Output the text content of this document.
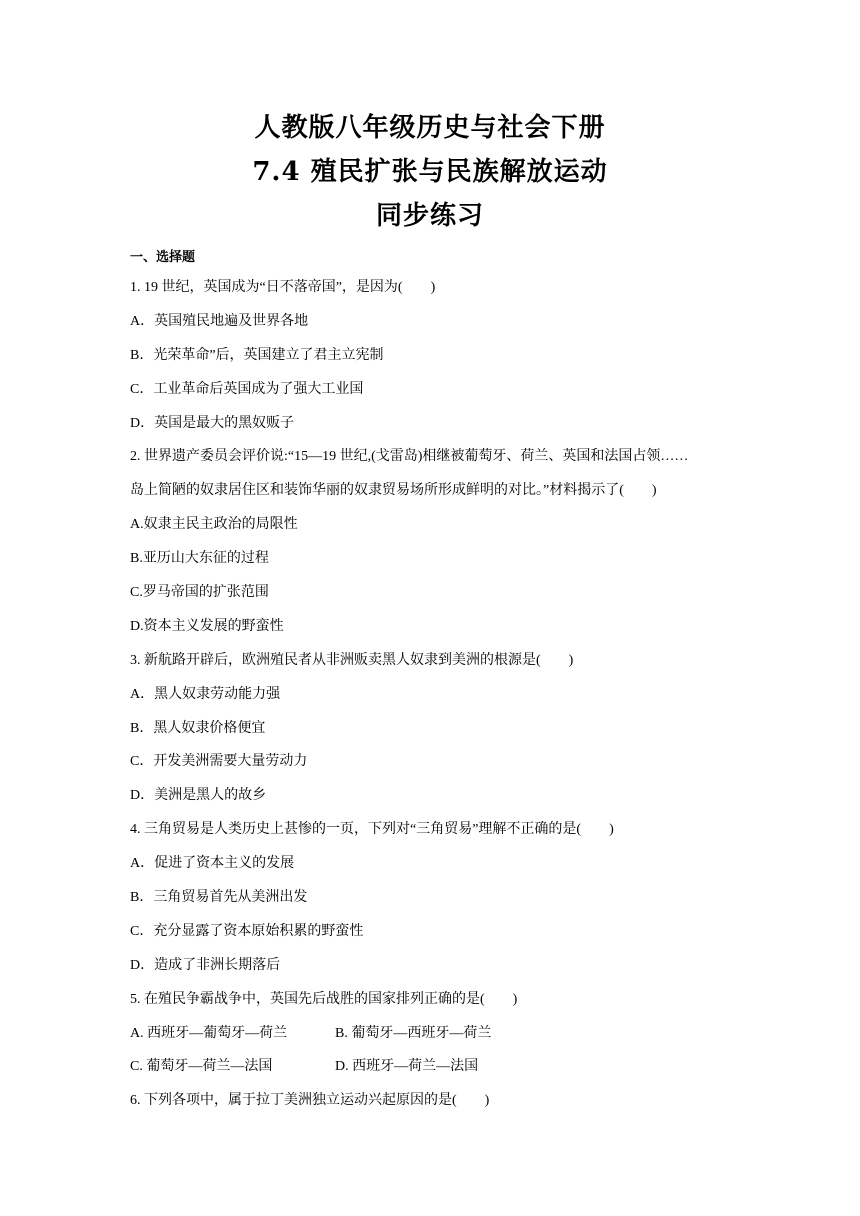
人教版八年级历史与社会下册
7.4 殖民扩张与民族解放运动
同步练习
一、选择题
1. 19 世纪，英国成为“日不落帝国”，是因为(　　)
A．英国殖民地遍及世界各地
B．光荣革命”后，英国建立了君主立宪制
C．工业革命后英国成为了强大工业国
D．英国是最大的黑奴贩子
2. 世界遗产委员会评价说:“15—19 世纪,(戈雷岛)相继被葡萄牙、荷兰、英国和法国占领……
岛上简陋的奴隶居住区和装饰华丽的奴隶贸易场所形成鲜明的对比。”材料揭示了(　　)
A.奴隶主民主政治的局限性
B.亚历山大东征的过程
C.罗马帝国的扩张范围
D.资本主义发展的野蛮性
3. 新航路开辟后，欧洲殖民者从非洲贩卖黑人奴隶到美洲的根源是(　　)
A．黑人奴隶劳动能力强
B．黑人奴隶价格便宜
C．开发美洲需要大量劳动力
D．美洲是黑人的故乡
4. 三角贸易是人类历史上甚惨的一页，下列对“三角贸易”理解不正确的是(　　)
A．促进了资本主义的发展
B．三角贸易首先从美洲出发
C．充分显露了资本原始积累的野蛮性
D．造成了非洲长期落后
5. 在殖民争霸战争中，英国先后战胜的国家排列正确的是(　　)
A. 西班牙—葡萄牙—荷兰	B. 葡萄牙—西班牙—荷兰
C. 葡萄牙—荷兰—法国	D. 西班牙—荷兰—法国
6. 下列各项中，属于拉丁美洲独立运动兴起原因的是(　　)
